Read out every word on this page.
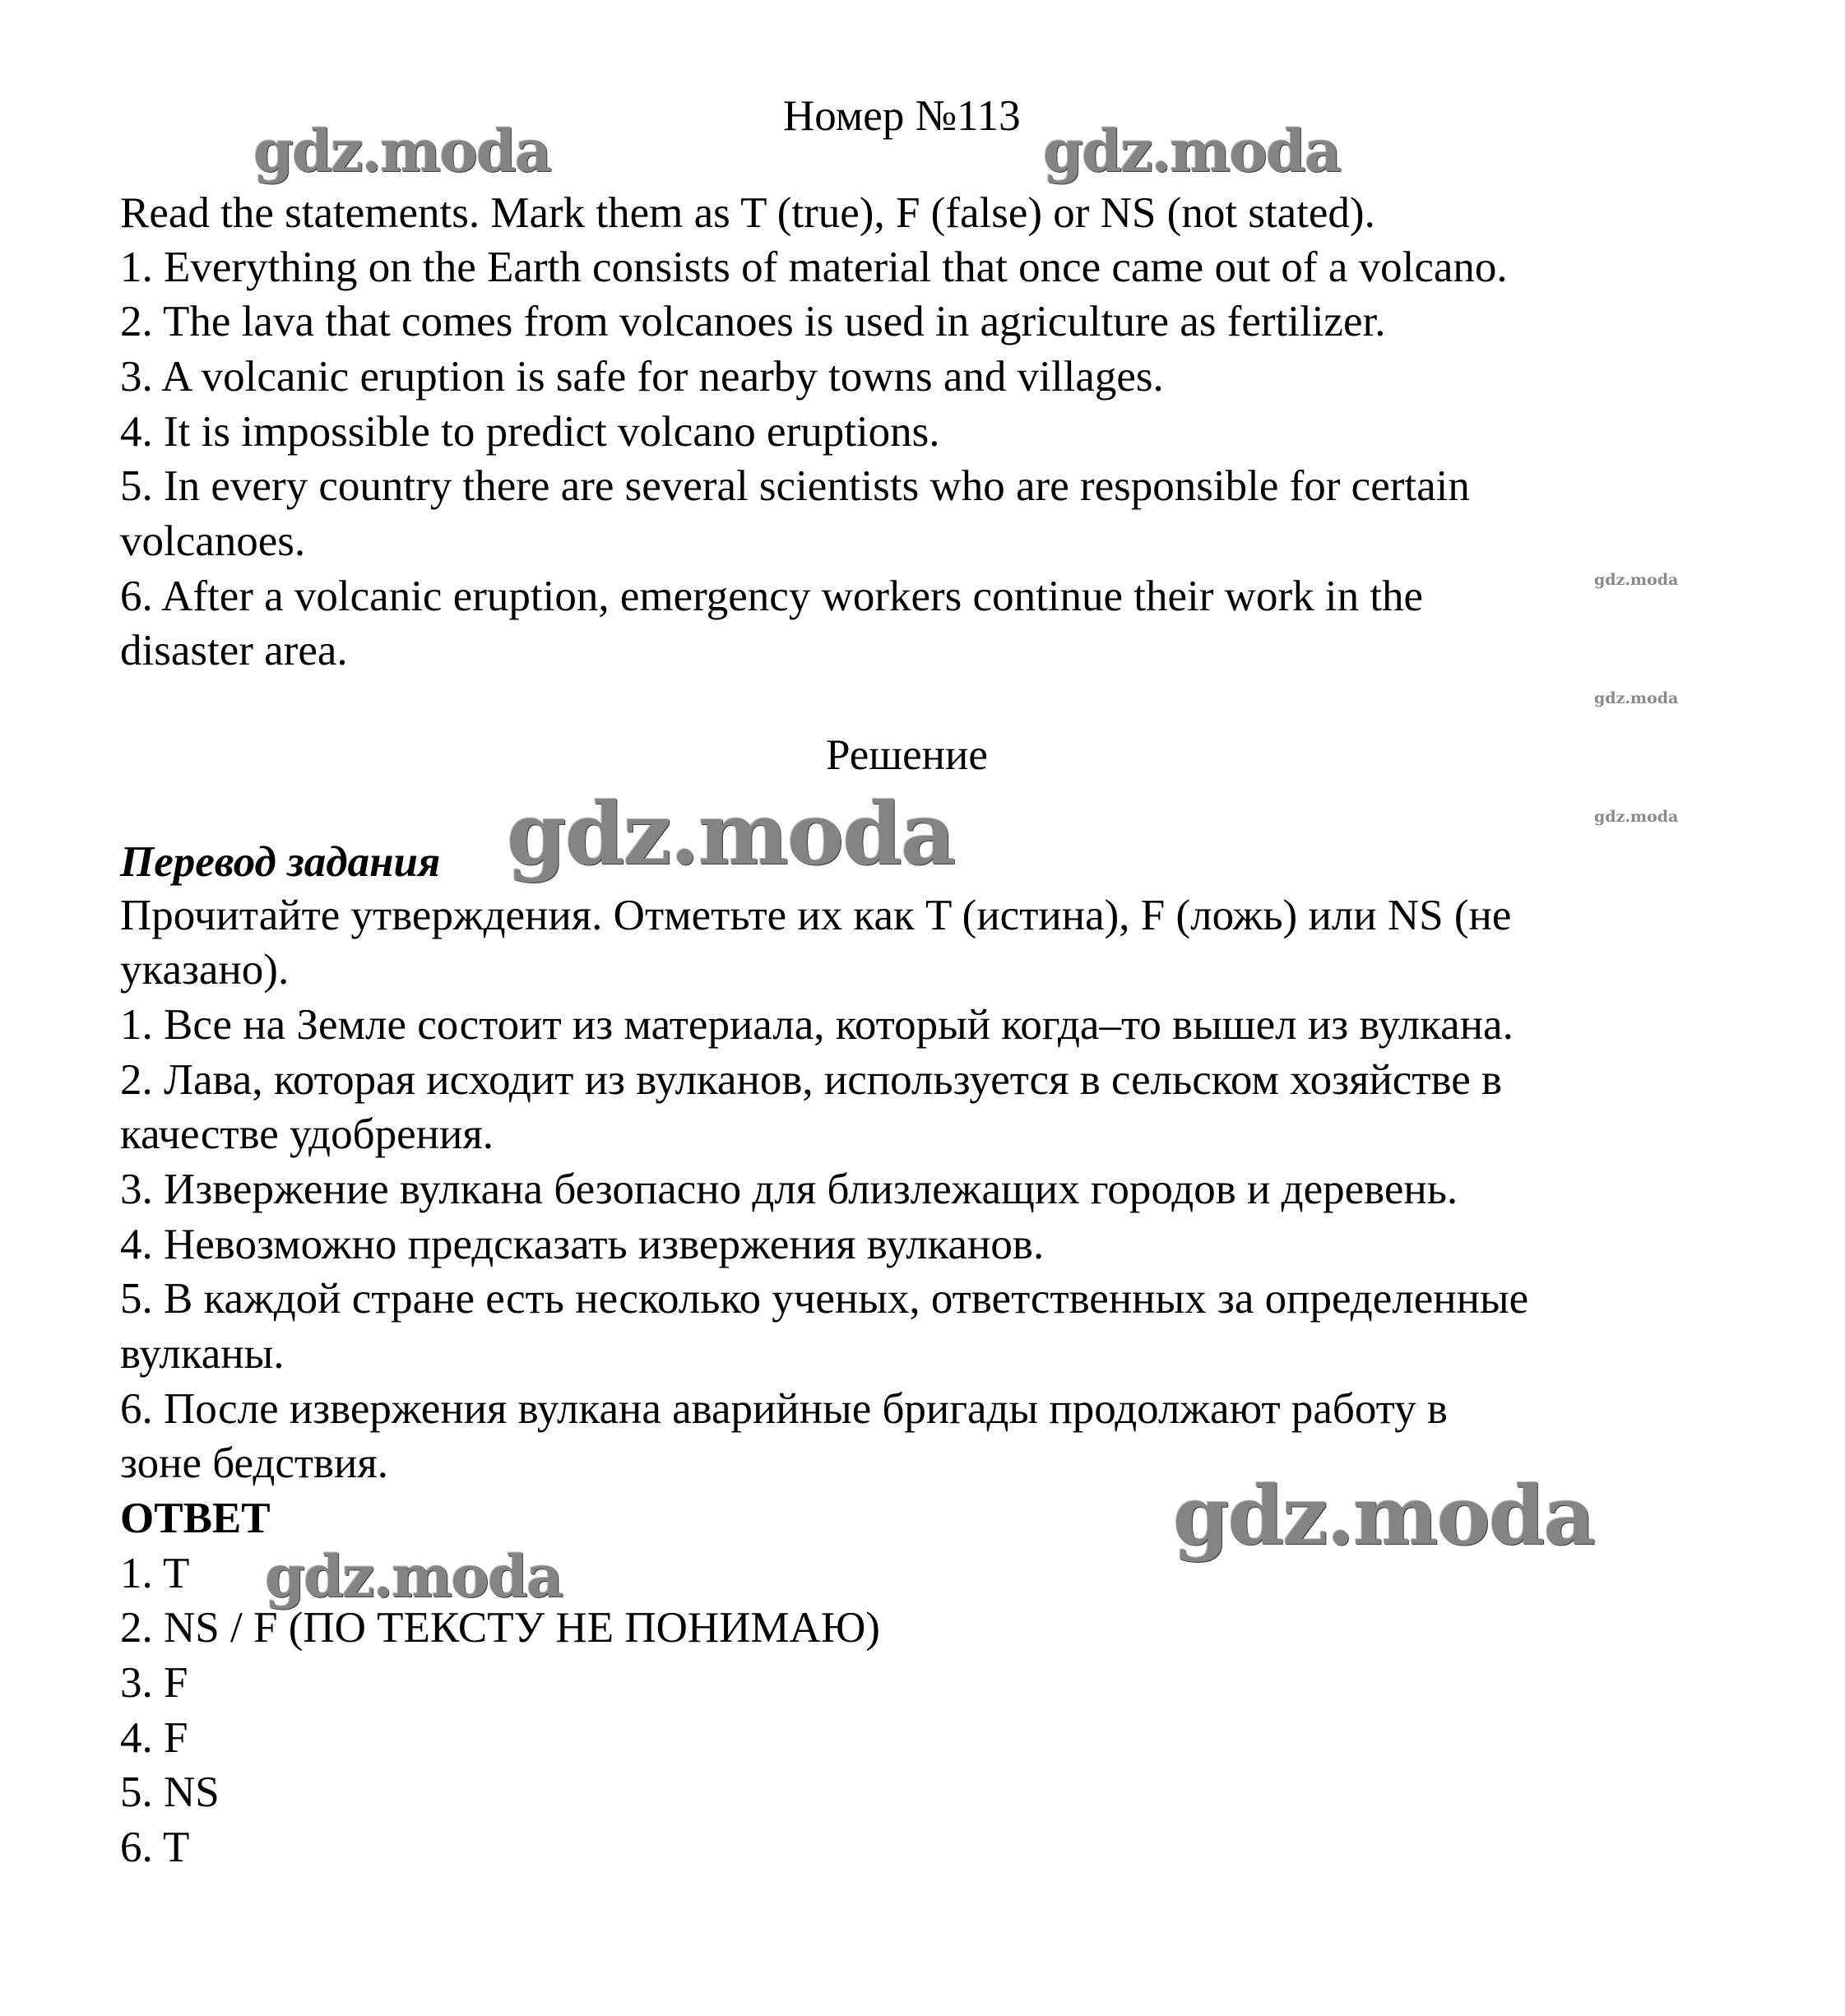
Номер №113
Read the statements. Mark them as T (true), F (false) or NS (not stated).
1. Everything on the Earth consists of material that once came out of a volcano.
2. The lava that comes from volcanoes is used in agriculture as fertilizer.
3. A volcanic eruption is safe for nearby towns and villages.
4. It is impossible to predict volcano eruptions.
5. In every country there are several scientists who are responsible for certain
volcanoes.
6. After a volcanic eruption, emergency workers continue their work in the
disaster area.
Решение
Перевод задания
Прочитайте утверждения. Отметьте их как T (истина), F (ложь) или NS (не
указано).
1. Все на Земле состоит из материала, который когда–то вышел из вулкана.
2. Лава, которая исходит из вулканов, используется в сельском хозяйстве в
качестве удобрения.
3. Извержение вулкана безопасно для близлежащих городов и деревень.
4. Невозможно предсказать извержения вулканов.
5. В каждой стране есть несколько ученых, ответственных за определенные
вулканы.
6. После извержения вулкана аварийные бригады продолжают работу в
зоне бедствия.
ОТВЕТ
1. T
2. NS / F (ПО ТЕКСТУ НЕ ПОНИМАЮ)
3. F
4. F
5. NS
6. T
gdz.moda	gdz.moda
gdz.moda
gdz.moda
gdz.moda
gdz.moda
gdz.moda
gdz.moda
